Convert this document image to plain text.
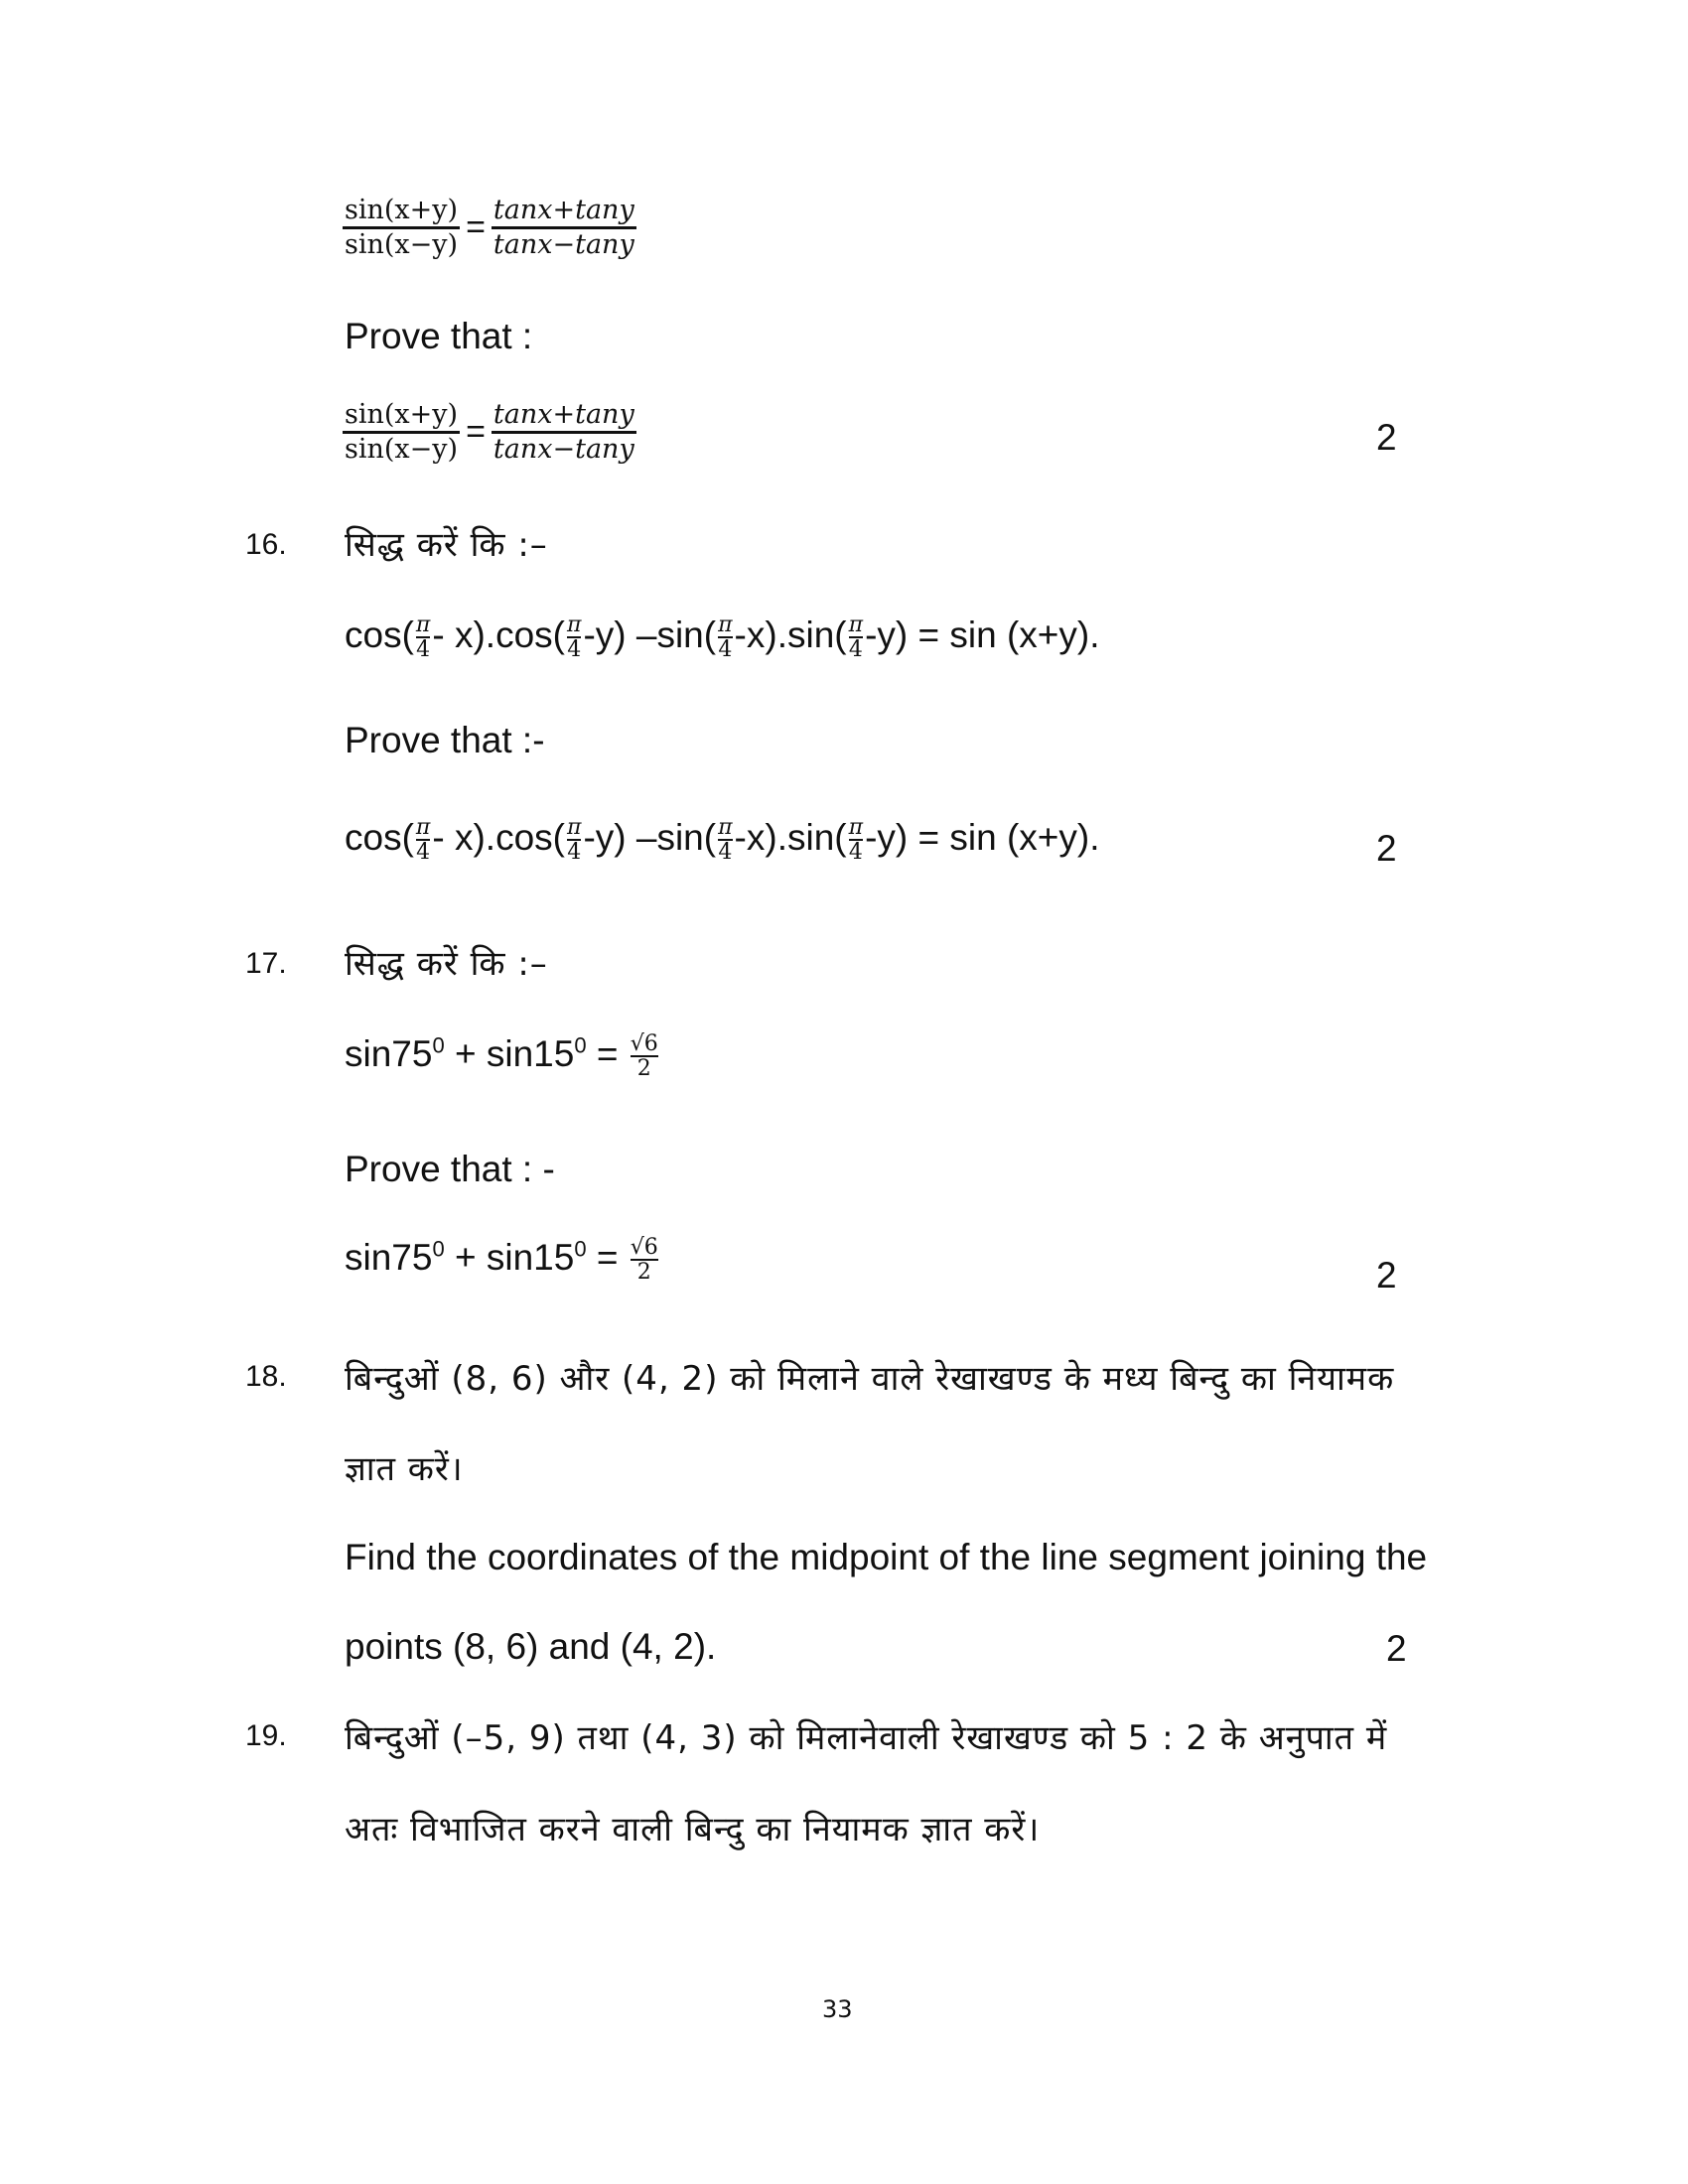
$\frac{\sin(x+y)}{\sin(x-y)} = \frac{\tan x+\tan y}{\tan x-\tan y}$
Prove that :
$\frac{\sin(x+y)}{\sin(x-y)} = \frac{\tan x+\tan y}{\tan x-\tan y}$	2
16. सिद्ध करें कि :–
$\cos( \frac{\pi}{4} - x).\cos( \frac{\pi}{4} -y)$ $-\sin( \frac{\pi}{4} -x).\sin( \frac{\pi}{4} -y) = \sin (x+y)$.
Prove that :-
$\cos( \frac{\pi}{4} - x).\cos( \frac{\pi}{4} -y)$ $-\sin( \frac{\pi}{4} -x).\sin( \frac{\pi}{4} -y) = \sin (x+y)$.	2
17. सिद्ध करें कि :–
$\sin 75^0 + \sin 15^0 = \frac{√6}{2}$
Prove that : -
$\sin 75^0 + \sin 15^0 = \frac{√6}{2}$	2
18. बिन्दुओं (8, 6) और (4, 2) को मिलाने वाले रेखाखण्ड के मध्य बिन्दु का नियामक
ज्ञात करें।
Find the coordinates of the midpoint of the line segment joining the
points (8, 6) and (4, 2).	2
19. बिन्दुओं (–5, 9) तथा (4, 3) को मिलानेवाली रेखाखण्ड को 5 : 2 के अनुपात में
अतः विभाजित करने वाली बिन्दु का नियामक ज्ञात करें।
33
